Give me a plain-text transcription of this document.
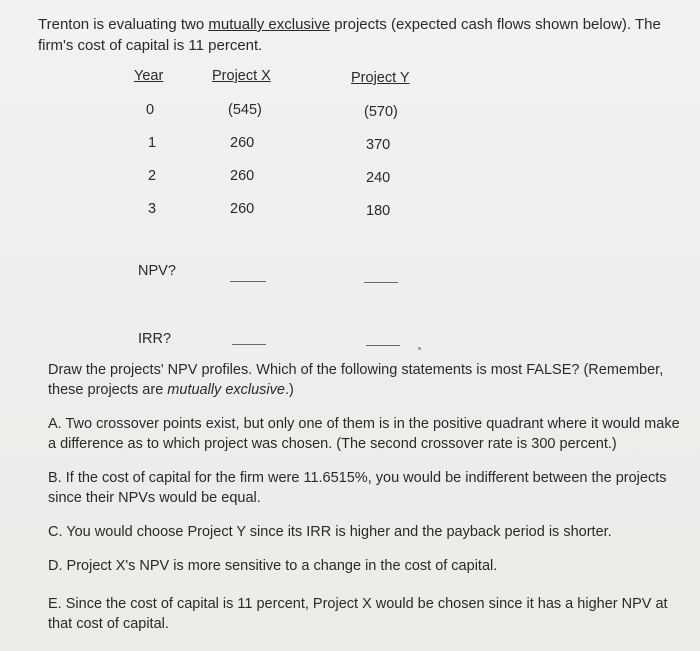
Trenton is evaluating two mutually exclusive projects (expected cash flows shown below). The firm's cost of capital is 11 percent.
Year	Project X	Project Y
0	(545)	(570)
1	260	370
2	260	240
3	260	180
NPV?
IRR?
Draw the projects' NPV profiles. Which of the following statements is most FALSE? (Remember, these projects are mutually exclusive.)
A. Two crossover points exist, but only one of them is in the positive quadrant where it would make a difference as to which project was chosen. (The second crossover rate is 300 percent.)
B. If the cost of capital for the firm were 11.6515%, you would be indifferent between the projects since their NPVs would be equal.
C. You would choose Project Y since its IRR is higher and the payback period is shorter.
D. Project X's NPV is more sensitive to a change in the cost of capital.
E. Since the cost of capital is 11 percent, Project X would be chosen since it has a higher NPV at that cost of capital.
